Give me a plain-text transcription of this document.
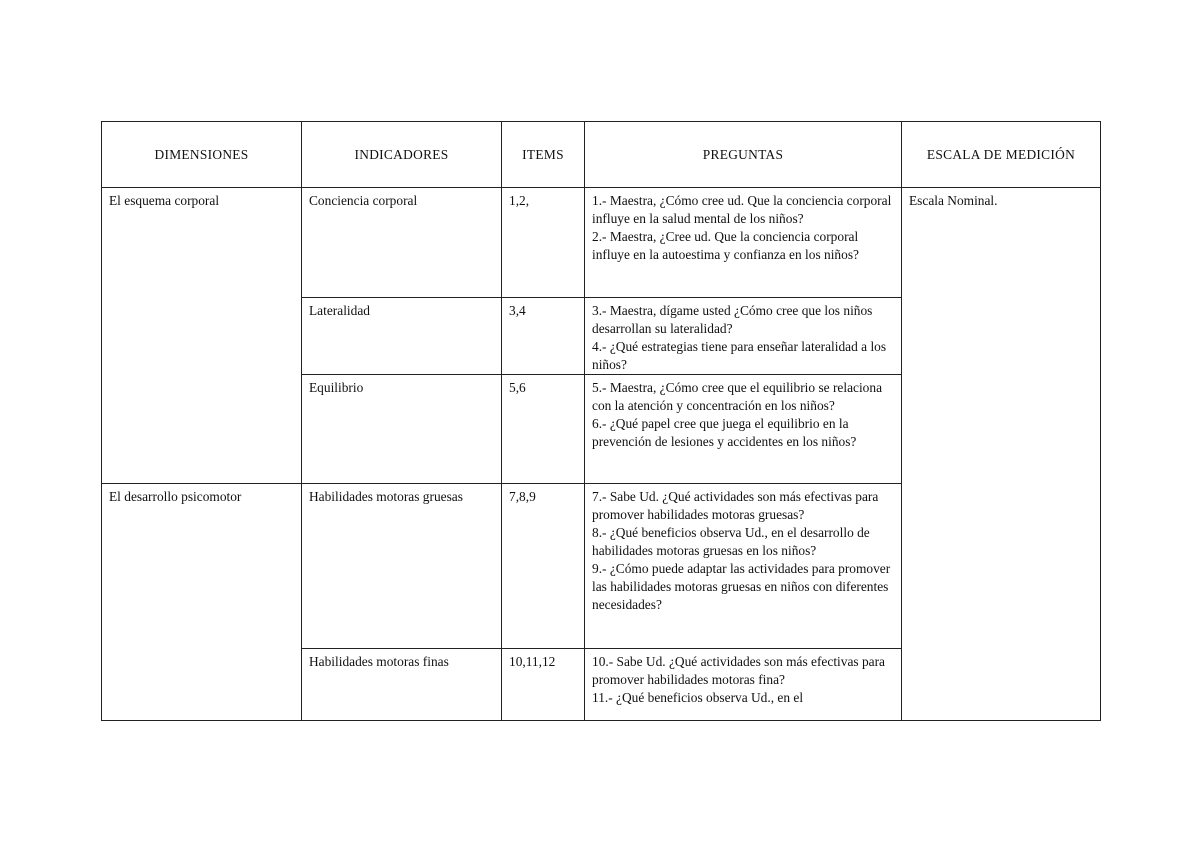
DIMENSIONES	INDICADORES	ITEMS	PREGUNTAS	ESCALA DE MEDICIÓN
El esquema corporal	Conciencia corporal	1,2,	1.- Maestra, ¿Cómo cree ud. Que la conciencia corporal influye en la salud mental de los niños?

2.- Maestra, ¿Cree ud. Que la conciencia corporal influye en la autoestima y confianza en los niños?	Escala Nominal.
	Lateralidad	3,4	3.- Maestra, dígame usted ¿Cómo cree que los niños desarrollan su lateralidad?

4.- ¿Qué estrategias tiene para enseñar lateralidad a los niños?	

	Equilibrio	5,6	5.- Maestra, ¿Cómo cree que el equilibrio se relaciona con la atención y concentración en los niños?

6.- ¿Qué papel cree que juega el equilibrio en la prevención de lesiones y accidentes en los niños?	

El desarrollo psicomotor	Habilidades motoras gruesas	7,8,9	7.- Sabe Ud. ¿Qué actividades son más efectivas para promover habilidades motoras gruesas?

8.- ¿Qué beneficios observa Ud., en el desarrollo de habilidades motoras gruesas en los niños?

9.- ¿Cómo puede adaptar las actividades para promover las habilidades motoras gruesas en niños con diferentes necesidades?	

	Habilidades motoras finas	10,11,12	10.- Sabe Ud. ¿Qué actividades son más efectivas para promover habilidades motoras fina?

11.- ¿Qué beneficios observa Ud., en el	
